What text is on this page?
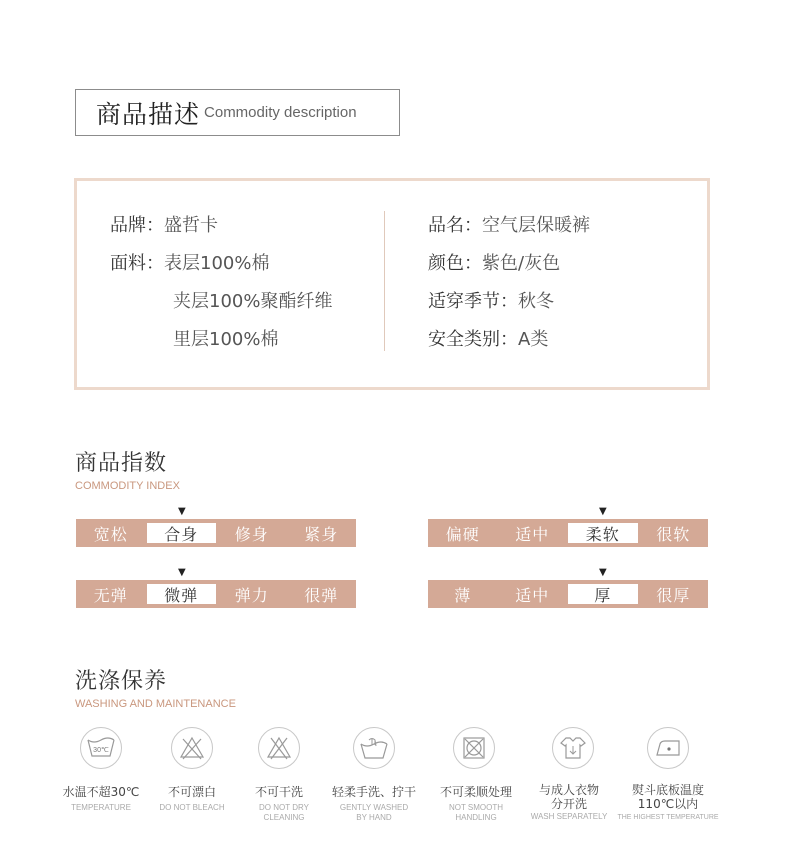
商品描述 Commodity description
品牌：盛哲卡
面料：表层100%棉
夹层100%聚酯纤维
里层100%棉
品名：空气层保暖裤
颜色：紫色/灰色
适穿季节：秋冬
安全类别：A类
商品指数
COMMODITY INDEX
▼
宽松	合身	修身	紧身
▼
偏硬	适中	柔软	很软
▼
无弹	微弹	弹力	很弹
▼
薄	适中	厚	很厚
洗涤保养
WASHING AND MAINTENANCE
30℃
水温不超30℃
TEMPERATURE
不可漂白
DO NOT BLEACH
不可干洗
DO NOT DRY CLEANING
轻柔手洗、拧干
GENTLY WASHED BY HAND
不可柔顺处理
NOT SMOOTH HANDLING
与成人衣物分开洗
WASH SEPARATELY
熨斗底板温度110℃以内
THE HIGHEST TEMPERATURE
